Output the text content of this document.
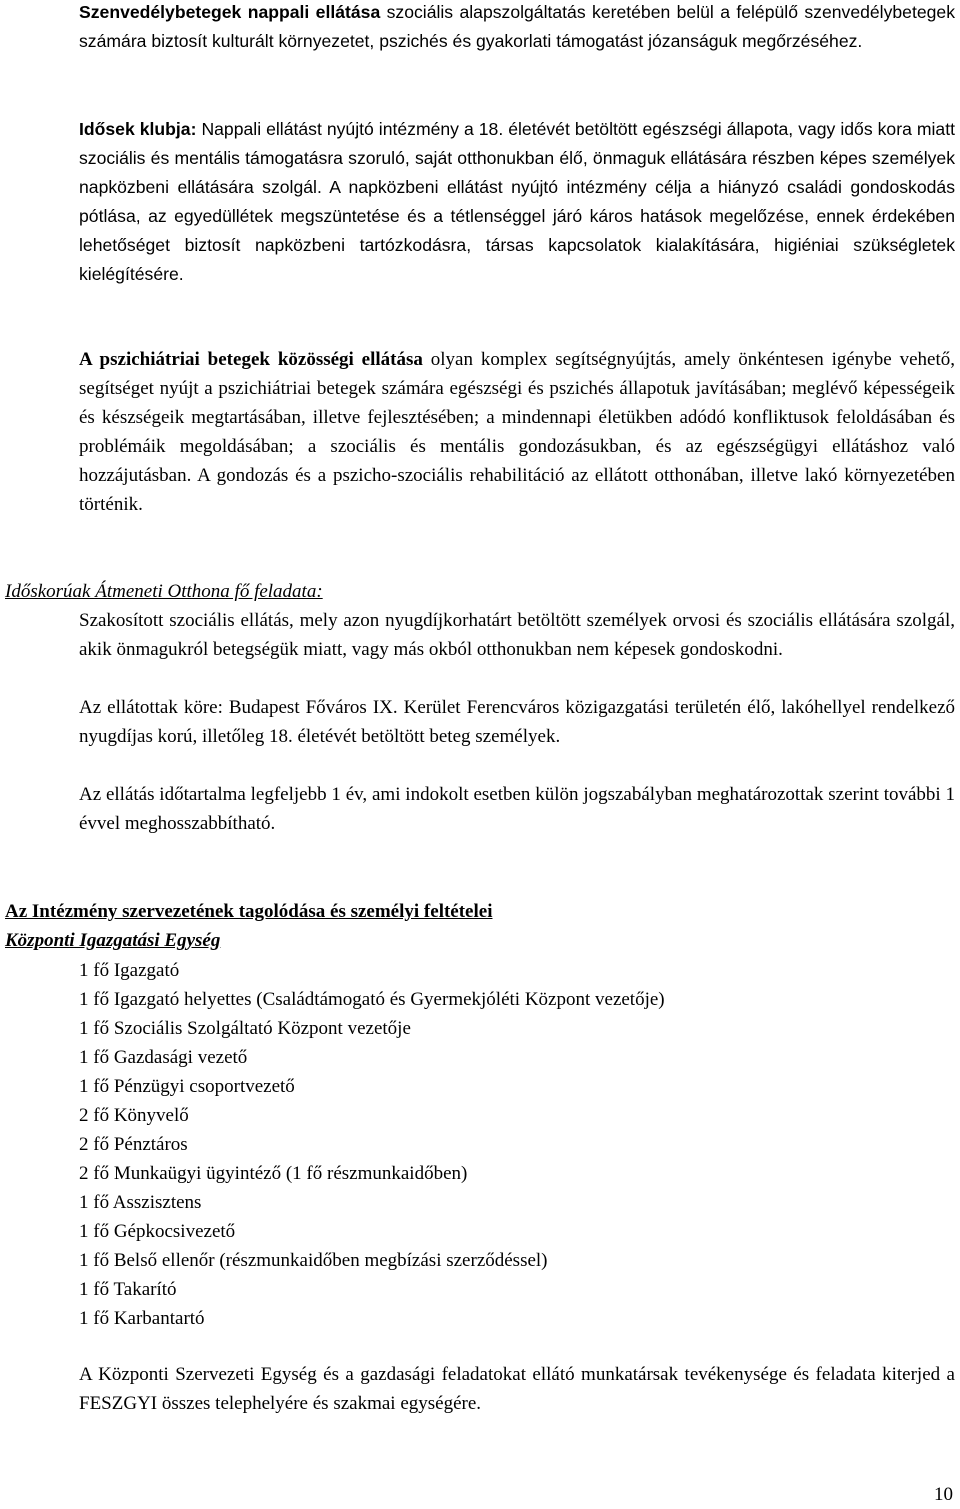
Szenvedélybetegek nappali ellátása szociális alapszolgáltatás keretében belül a felépülő szenvedélybetegek számára biztosít kulturált környezetet, pszichés és gyakorlati támogatást józanságuk megőrzéséhez.
Idősek klubja: Nappali ellátást nyújtó intézmény a 18. életévét betöltött egészségi állapota, vagy idős kora miatt szociális és mentális támogatásra szoruló, saját otthonukban élő, önmaguk ellátására részben képes személyek napközbeni ellátására szolgál. A napközbeni ellátást nyújtó intézmény célja a hiányzó családi gondoskodás pótlása, az egyedüllétek megszüntetése és a tétlenséggel járó káros hatások megelőzése, ennek érdekében lehetőséget biztosít napközbeni tartózkodásra, társas kapcsolatok kialakítására, higiéniai szükségletek kielégítésére.
A pszichiátriai betegek közösségi ellátása olyan komplex segítségnyújtás, amely önkéntesen igénybe vehető, segítséget nyújt a pszichiátriai betegek számára egészségi és pszichés állapotuk javításában; meglévő képességeik és készségeik megtartásában, illetve fejlesztésében; a mindennapi életükben adódó konfliktusok feloldásában és problémáik megoldásában; a szociális és mentális gondozásukban, és az egészségügyi ellátáshoz való hozzájutásban. A gondozás és a pszicho-szociális rehabilitáció az ellátott otthonában, illetve lakó környezetében történik.
Időskorúak Átmeneti Otthona fő feladata:
Szakosított szociális ellátás, mely azon nyugdíjkorhatárt betöltött személyek orvosi és szociális ellátására szolgál, akik önmagukról betegségük miatt, vagy más okból otthonukban nem képesek gondoskodni.
Az ellátottak köre: Budapest Főváros IX. Kerület Ferencváros közigazgatási területén élő, lakóhellyel rendelkező nyugdíjas korú, illetőleg 18. életévét betöltött beteg személyek.
Az ellátás időtartalma legfeljebb 1 év, ami indokolt esetben külön jogszabályban meghatározottak szerint további 1 évvel meghosszabbítható.
Az Intézmény szervezetének tagolódása és személyi feltételei
Központi Igazgatási Egység
1 fő Igazgató
1 fő Igazgató helyettes (Családtámogató és Gyermekjóléti Központ vezetője)
1 fő Szociális Szolgáltató Központ vezetője
1 fő Gazdasági vezető
1 fő Pénzügyi csoportvezető
2 fő Könyvelő
2 fő Pénztáros
2 fő Munkaügyi ügyintéző (1 fő részmunkaidőben)
1 fő Asszisztens
1 fő Gépkocsivezető
1 fő Belső ellenőr (részmunkaidőben megbízási szerződéssel)
1 fő Takarító
1 fő Karbantartó
A Központi Szervezeti Egység és a gazdasági feladatokat ellátó munkatársak tevékenysége és feladata kiterjed a FESZGYI összes telephelyére és szakmai egységére.
10
